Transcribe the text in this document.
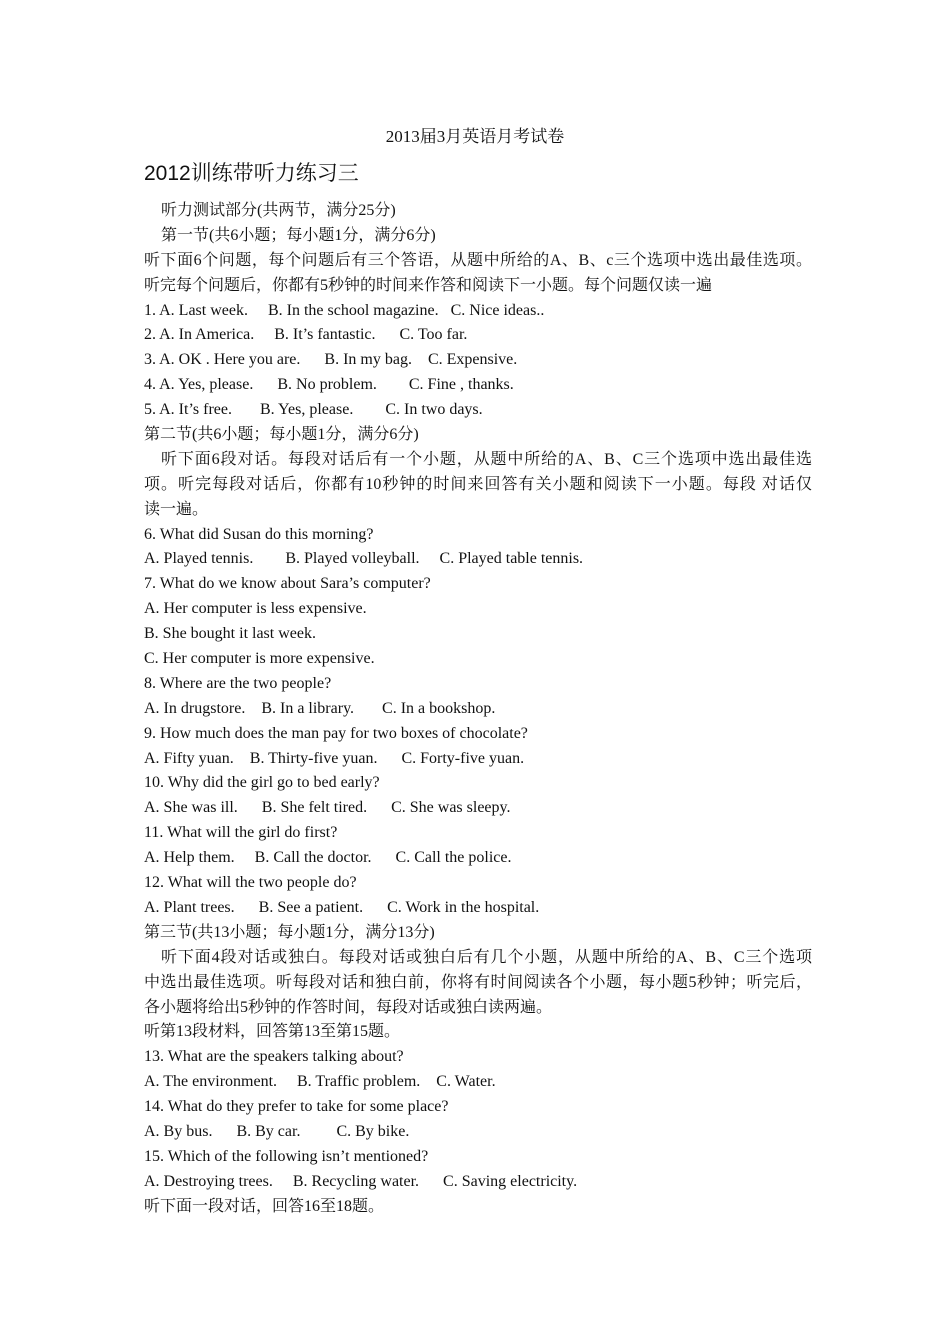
2013届3月英语月考试卷
2012训练带听力练习三
听力测试部分(共两节，满分25分)
第一节(共6小题；每小题1分，满分6分)
听下面6个问题，每个问题后有三个答语，从题中所给的A、B、c三个选项中选出最佳选项。
听完每个问题后，你都有5秒钟的时间来作答和阅读下一小题。每个问题仅读一遍
1. A. Last week.     B. In the school magazine.   C. Nice ideas..
2. A. In America.     B. It’s fantastic.      C. Too far.
3. A. OK . Here you are.      B. In my bag.    C. Expensive.
4. A. Yes, please.      B. No problem.        C. Fine , thanks.
5. A. It’s free.       B. Yes, please.        C. In two days.
第二节(共6小题；每小题1分，满分6分)
听下面6段对话。每段对话后有一个小题，从题中所给的A、B、C三个选项中选出最佳选
项。听完每段对话后，你都有10秒钟的时间来回答有关小题和阅读下一小题。每段 对话仅
读一遍。
6. What did Susan do this morning?
A. Played tennis.        B. Played volleyball.     C. Played table tennis.
7. What do we know about Sara’s computer?
A. Her computer is less expensive.
B. She bought it last week.
C. Her computer is more expensive.
8. Where are the two people?
A. In drugstore.    B. In a library.       C. In a bookshop.
9. How much does the man pay for two boxes of chocolate?
A. Fifty yuan.    B. Thirty-five yuan.      C. Forty-five yuan.
10. Why did the girl go to bed early?
A. She was ill.      B. She felt tired.      C. She was sleepy.
11. What will the girl do first?
A. Help them.     B. Call the doctor.      C. Call the police.
12. What will the two people do?
A. Plant trees.      B. See a patient.      C. Work in the hospital.
第三节(共13小题；每小题1分，满分13分)
听下面4段对话或独白。每段对话或独白后有几个小题，从题中所给的A、B、C三个选项
中选出最佳选项。听每段对话和独白前，你将有时间阅读各个小题，每小题5秒钟；听完后，
各小题将给出5秒钟的作答时间，每段对话或独白读两遍。
听第13段材料，回答第13至第15题。
13. What are the speakers talking about?
A. The environment.     B. Traffic problem.    C. Water.
14. What do they prefer to take for some place?
A. By bus.      B. By car.         C. By bike.
15. Which of the following isn’t mentioned?
A. Destroying trees.     B. Recycling water.      C. Saving electricity.
听下面一段对话，回答16至18题。
